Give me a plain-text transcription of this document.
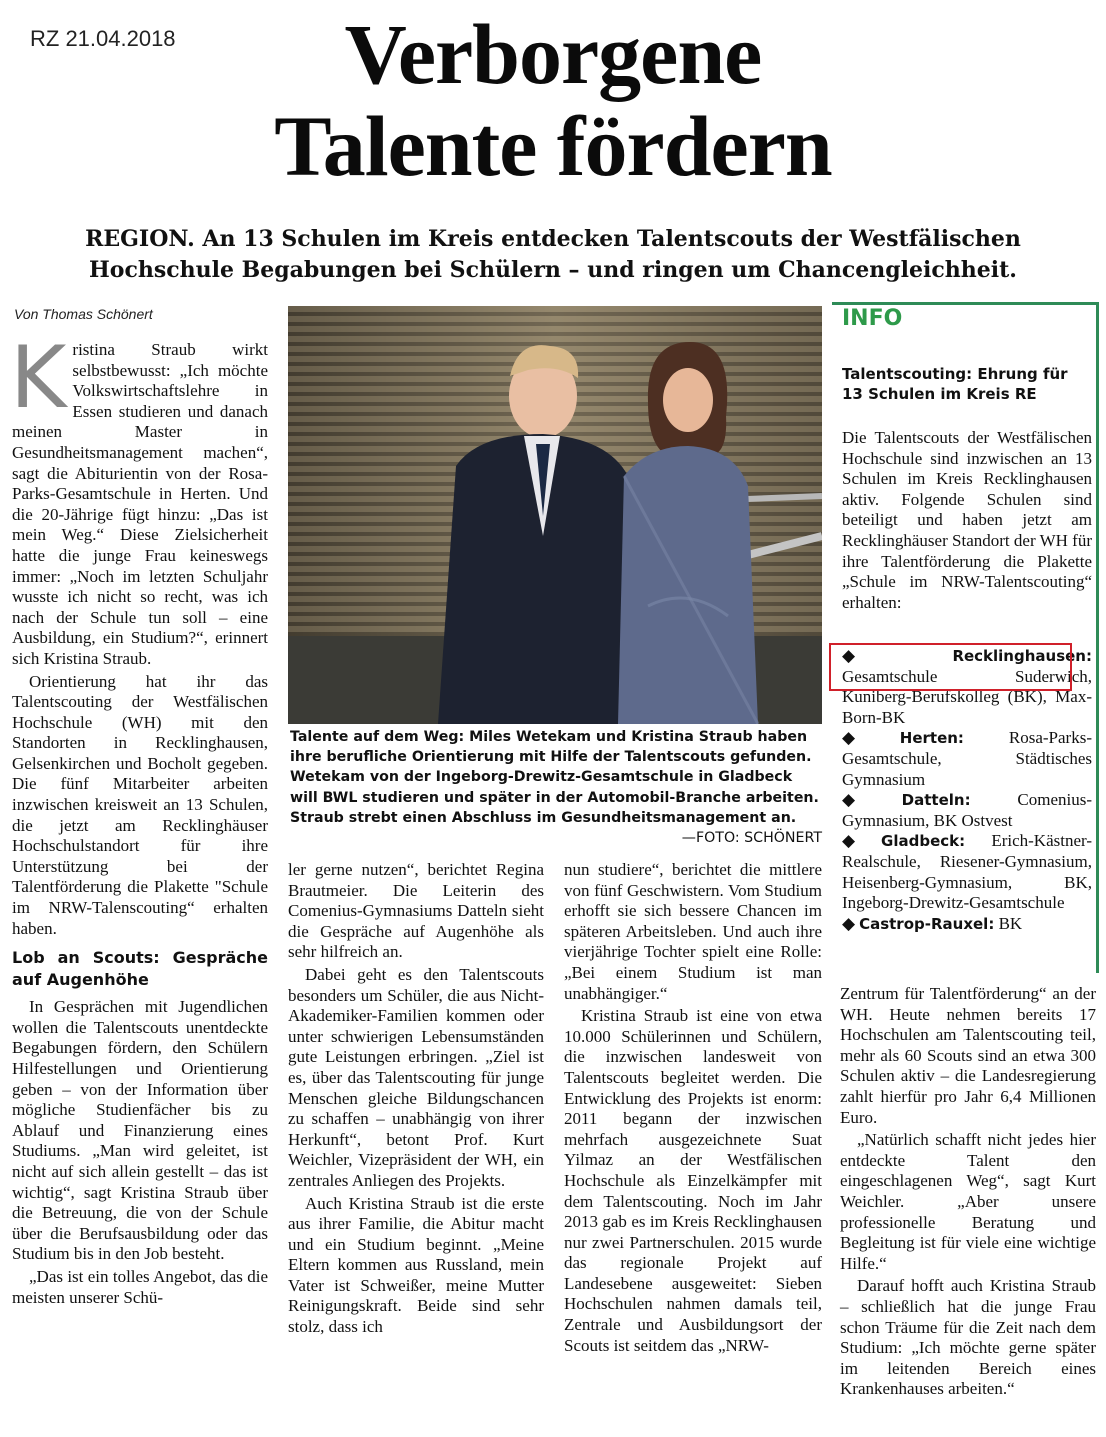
RZ 21.04.2018	Verborgene
Talente fördern
REGION. An 13 Schulen im Kreis entdecken Talentscouts der Westfälischen
Hochschule Begabungen bei Schülern – und ringen um Chancengleichheit.
Von Thomas Schönert
K ristina Straub wirkt selbstbewusst: „Ich möchte Volkswirtschaftslehre in Essen studieren und danach meinen Master in Gesundheitsmanagement machen“, sagt die Abiturientin von der Rosa-Parks-Gesamtschule in Herten. Und die 20-Jährige fügt hinzu: „Das ist mein Weg.“ Diese Zielsicherheit hatte die junge Frau keineswegs immer: „Noch im letzten Schuljahr wusste ich nicht so recht, was ich nach der Schule tun soll – eine Ausbildung, ein Studium?“, erinnert sich Kristina Straub.

Orientierung hat ihr das Talentscouting der Westfälischen Hochschule (WH) mit den Standorten in Recklinghausen, Gelsenkirchen und Bocholt gegeben. Die fünf Mitarbeiter arbeiten inzwischen kreisweit an 13 Schulen, die jetzt am Recklinghäuser Hochschulstandort für ihre Unterstützung bei der Talentförderung die Plakette "Schule im NRW-Talenscouting“ erhalten haben.

Lob an Scouts: Gespräche auf Augenhöhe

In Gesprächen mit Jugendlichen wollen die Talentscouts unentdeckte Begabungen fördern, den Schülern Hilfestellungen und Orientierung geben – von der Information über mögliche Studienfächer bis zu Ablauf und Finanzierung eines Studiums. „Man wird geleitet, ist nicht auf sich allein gestellt – das ist wichtig“, sagt Kristina Straub über die Betreuung, die von der Schule über die Berufsausbildung oder das Studium bis in den Job besteht.

„Das ist ein tolles Angebot, das die meisten unserer Schü-

Talente auf dem Weg: Miles Wetekam und Kristina Straub haben ihre berufliche Orientierung mit Hilfe der Talentscouts gefunden. Wetekam von der Ingeborg-Drewitz-Gesamtschule in Gladbeck will BWL studieren und später in der Automobil-Branche arbeiten. Straub strebt einen Abschluss im Gesundheitsmanagement an.
—FOTO: SCHÖNERT

ler gerne nutzen“, berichtet Regina Brautmeier. Die Leiterin des Comenius-Gymnasiums Datteln sieht die Gespräche auf Augenhöhe als sehr hilfreich an.

Dabei geht es den Talentscouts besonders um Schüler, die aus Nicht-Akademiker-Familien kommen oder unter schwierigen Lebensumständen gute Leistungen erbringen. „Ziel ist es, über das Talentscouting für junge Menschen gleiche Bildungschancen zu schaffen – unabhängig von ihrer Herkunft“, betont Prof. Kurt Weichler, Vizepräsident der WH, ein zentrales Anliegen des Projekts.

Auch Kristina Straub ist die erste aus ihrer Familie, die Abitur macht und ein Studium beginnt. „Meine Eltern kommen aus Russland, mein Vater ist Schweißer, meine Mutter Reinigungskraft. Beide sind sehr stolz, dass ich

nun studiere“, berichtet die mittlere von fünf Geschwistern. Vom Studium erhofft sie sich bessere Chancen im späteren Arbeitsleben. Und auch ihre vierjährige Tochter spielt eine Rolle: „Bei einem Studium ist man unabhängiger.“

Kristina Straub ist eine von etwa 10.000 Schülerinnen und Schülern, die inzwischen landesweit von Talentscouts begleitet werden. Die Entwicklung des Projekts ist enorm: 2011 begann der inzwischen mehrfach ausgezeichnete Suat Yilmaz an der Westfälischen Hochschule als Einzelkämpfer mit dem Talentscouting. Noch im Jahr 2013 gab es im Kreis Recklinghausen nur zwei Partnerschulen. 2015 wurde das regionale Projekt auf Landesebene ausgeweitet: Sieben Hochschulen nahmen damals teil, Zentrale und Ausbildungsort der Scouts ist seitdem das „NRW-

INFO
Talentscouting: Ehrung für 13 Schulen im Kreis RE

Die Talentscouts der Westfälischen Hochschule sind inzwischen an 13 Schulen im Kreis Recklinghausen aktiv. Folgende Schulen sind beteiligt und haben jetzt am Recklinghäuser Standort der WH für ihre Talentförderung die Plakette „Schule im NRW-Talentscouting“ erhalten:

◆ Recklinghausen: Gesamtschule Suderwich, Kuniberg-Berufskolleg (BK), Max-Born-BK
◆ Herten:	Rosa-Parks-Gesamtschule, Städtisches Gymnasium
◆ Datteln:	Comenius-Gymnasium, BK Ostvest
◆ Gladbeck: Erich-Kästner-Realschule, Riesener-Gymnasium, Heisenberg-Gymnasium, BK, Ingeborg-Drewitz-Gesamtschule
◆ Castrop-Rauxel: BK

Zentrum für Talentförderung“ an der WH. Heute nehmen bereits 17 Hochschulen am Talentscouting teil, mehr als 60 Scouts sind an etwa 300 Schulen aktiv – die Landesregierung zahlt hierfür pro Jahr 6,4 Millionen Euro.

„Natürlich schafft nicht jedes hier entdeckte Talent den eingeschlagenen Weg“, sagt Kurt Weichler. „Aber unsere professionelle Beratung und Begleitung ist für viele eine wichtige Hilfe.“

Darauf hofft auch Kristina Straub – schließlich hat die junge Frau schon Träume für die Zeit nach dem Studium: „Ich möchte gerne später im leitenden Bereich eines Krankenhauses arbeiten.“
